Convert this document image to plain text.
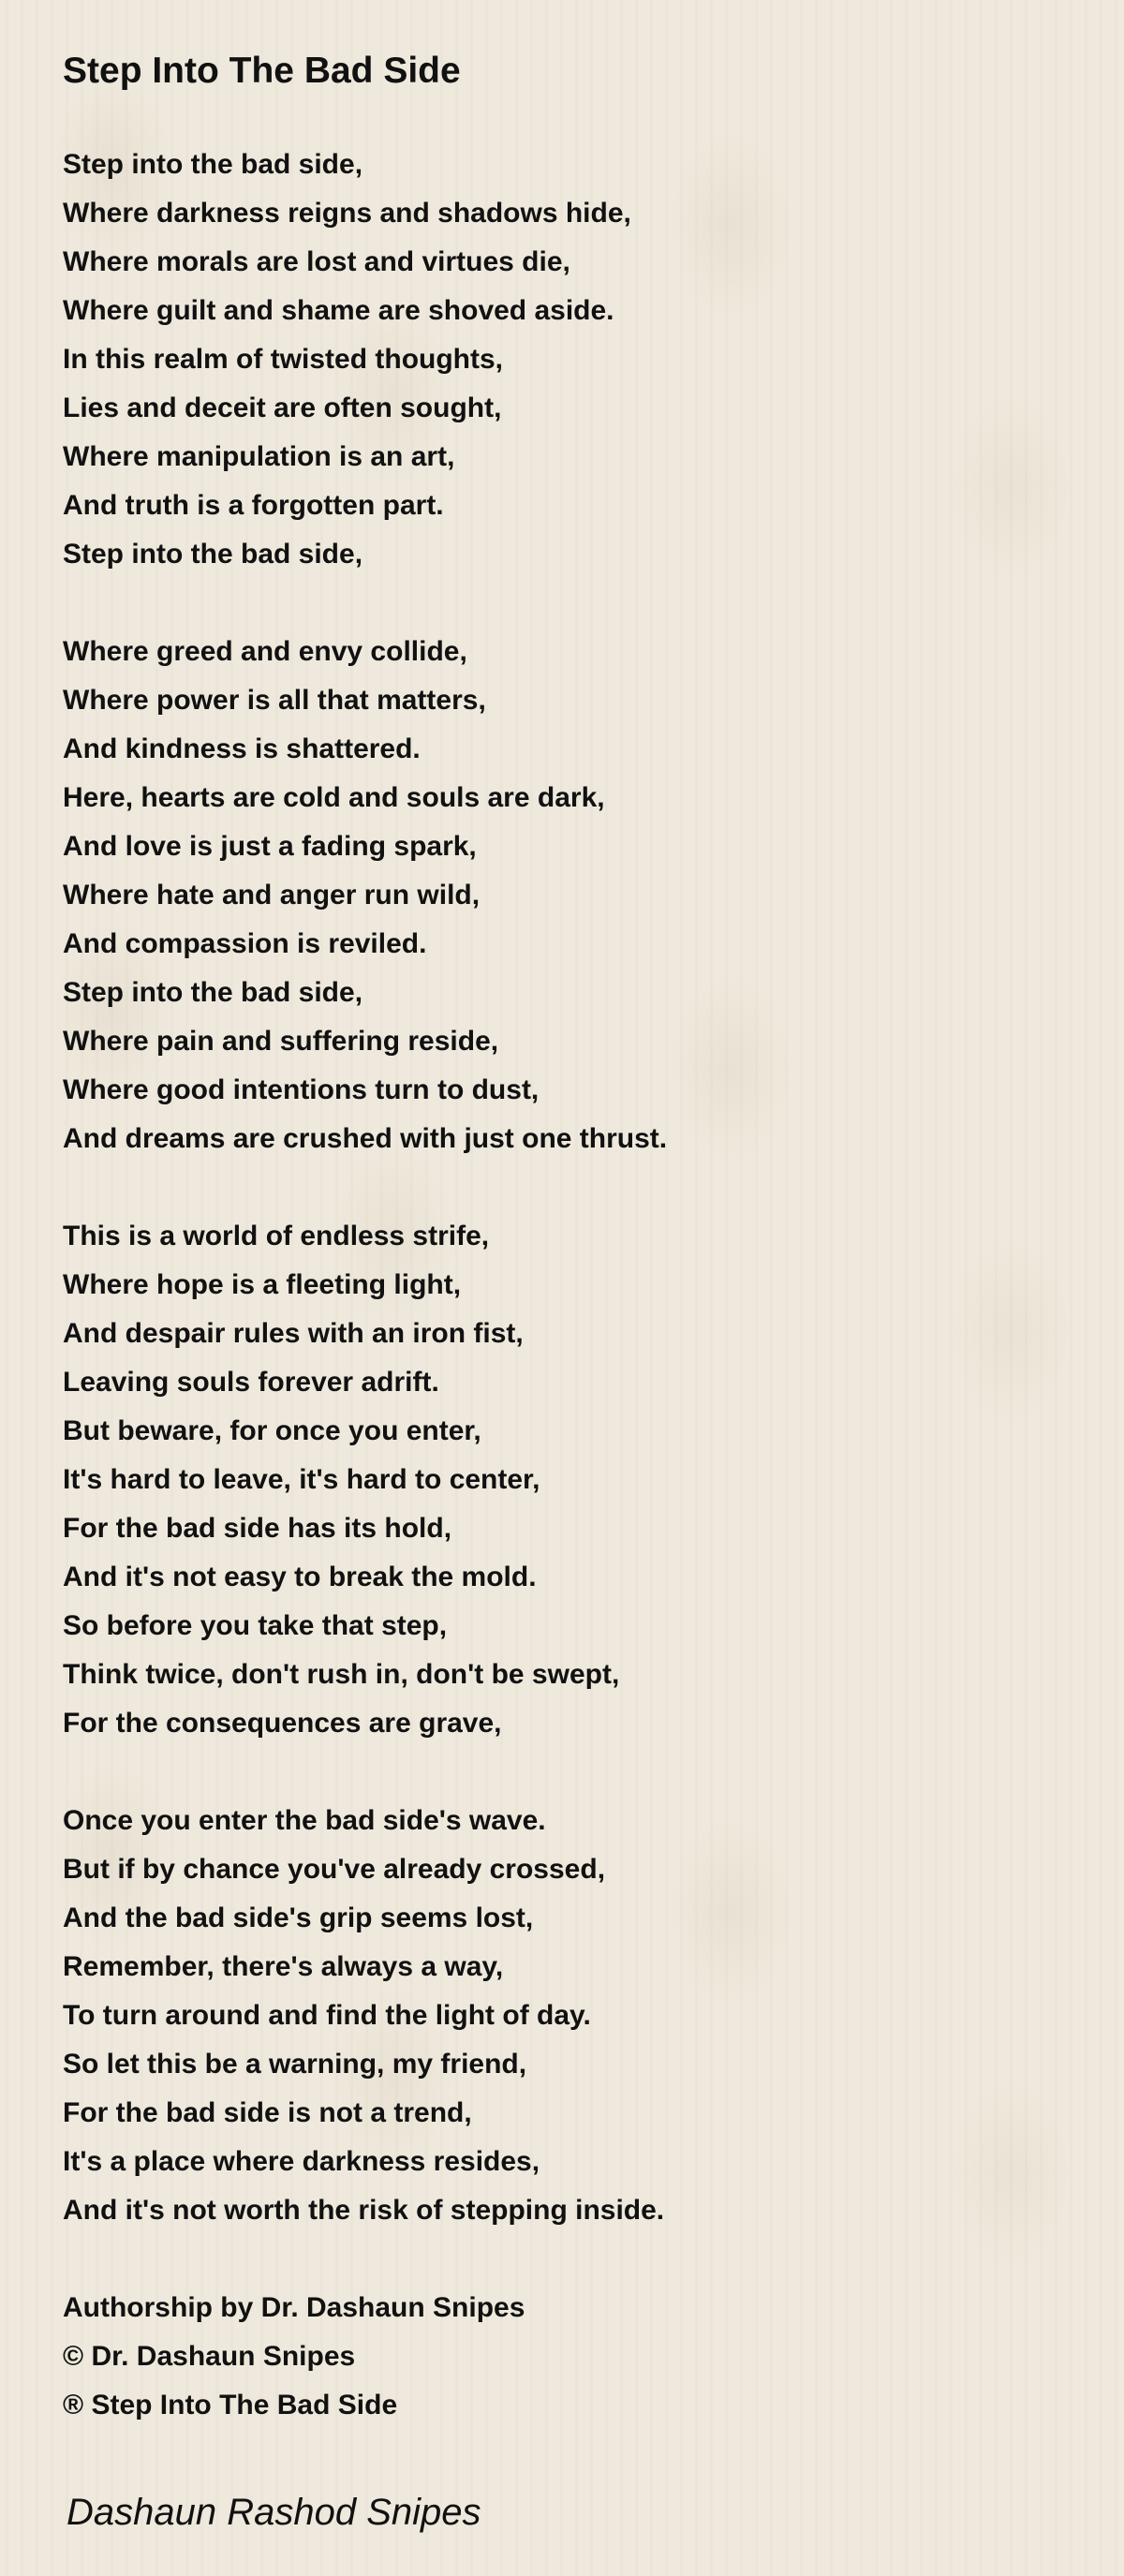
Step Into The Bad Side
Step into the bad side,
Where darkness reigns and shadows hide,
Where morals are lost and virtues die,
Where guilt and shame are shoved aside.
In this realm of twisted thoughts,
Lies and deceit are often sought,
Where manipulation is an art,
And truth is a forgotten part.
Step into the bad side,
Where greed and envy collide,
Where power is all that matters,
And kindness is shattered.
Here, hearts are cold and souls are dark,
And love is just a fading spark,
Where hate and anger run wild,
And compassion is reviled.
Step into the bad side,
Where pain and suffering reside,
Where good intentions turn to dust,
And dreams are crushed with just one thrust.
This is a world of endless strife,
Where hope is a fleeting light,
And despair rules with an iron fist,
Leaving souls forever adrift.
But beware, for once you enter,
It's hard to leave, it's hard to center,
For the bad side has its hold,
And it's not easy to break the mold.
So before you take that step,
Think twice, don't rush in, don't be swept,
For the consequences are grave,
Once you enter the bad side's wave.
But if by chance you've already crossed,
And the bad side's grip seems lost,
Remember, there's always a way,
To turn around and find the light of day.
So let this be a warning, my friend,
For the bad side is not a trend,
It's a place where darkness resides,
And it's not worth the risk of stepping inside.
Authorship by Dr. Dashaun Snipes
© Dr. Dashaun Snipes
® Step Into The Bad Side
Dashaun Rashod Snipes
